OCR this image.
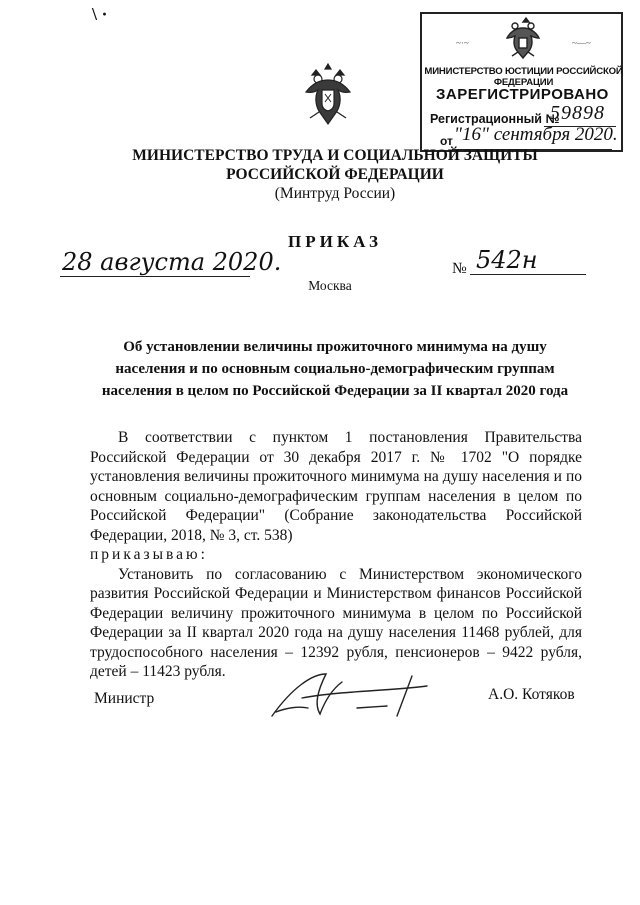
\ ·
~·~	~—~
МИНИСТЕРСТВО ЮСТИЦИИ РОССИЙСКОЙ ФЕДЕРАЦИИ
ЗАРЕГИСТРИРОВАНО
Регистрационный №
59898
от "16" сентября 2020.
МИНИСТЕРСТВО ТРУДА И СОЦИАЛЬНОЙ ЗАЩИТЫ
РОССИЙСКОЙ ФЕДЕРАЦИИ
(Минтруд России)
ПРИКАЗ
28 августа 2020.	№ 542н
Москва
Об установлении величины прожиточного минимума на душу
населения и по основным социально-демографическим группам
населения в целом по Российской Федерации за II квартал 2020 года

В соответствии с пунктом 1 постановления Правительства Российской Федерации от 30 декабря 2017 г. № 1702 "О порядке установления величины прожиточного минимума на душу населения и по основным социально-демографическим группам населения в целом по Российской Федерации" (Собрание законодательства Российской Федерации, 2018, № 3, ст. 538)

приказываю:

Установить по согласованию с Министерством экономического развития Российской Федерации и Министерством финансов Российской Федерации величину прожиточного минимума в целом по Российской Федерации за II квартал 2020 года на душу населения 11468 рублей, для трудоспособного населения – 12392 рубля, пенсионеров – 9422 рубля, детей – 11423 рубля.

Министр	А.О. Котяков
